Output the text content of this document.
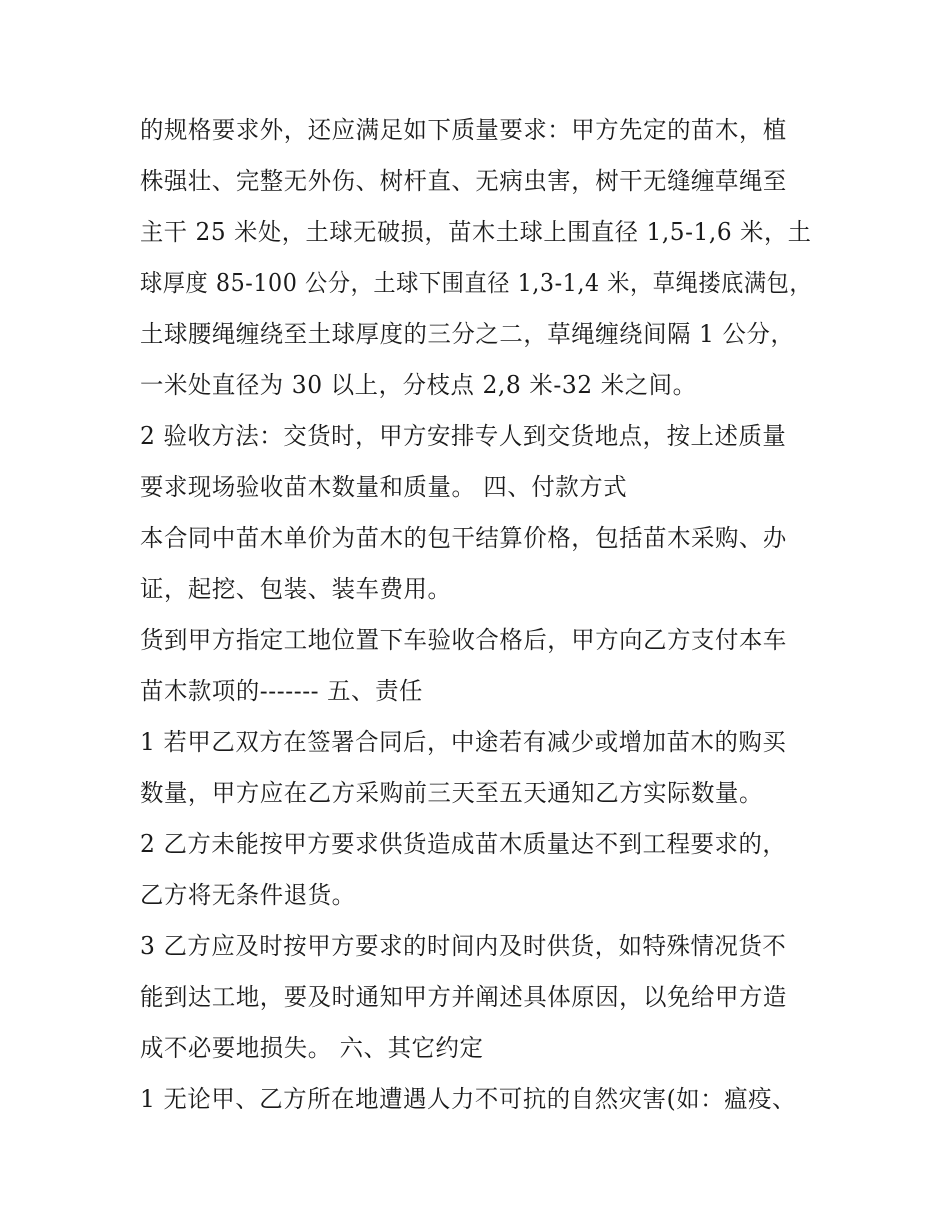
的规格要求外，还应满足如下质量要求：甲方先定的苗木，植
株强壮、完整无外伤、树杆直、无病虫害，树干无缝缠草绳至
主干 25 米处，土球无破损，苗木土球上围直径 1,5-1,6 米，土
球厚度 85-100 公分，土球下围直径 1,3-1,4 米，草绳搂底满包，
土球腰绳缠绕至土球厚度的三分之二，草绳缠绕间隔 1 公分，
一米处直径为 30 以上，分枝点 2,8 米-32 米之间。
2 验收方法：交货时，甲方安排专人到交货地点，按上述质量
要求现场验收苗木数量和质量。 四、付款方式
本合同中苗木单价为苗木的包干结算价格，包括苗木采购、办
证，起挖、包装、装车费用。
货到甲方指定工地位置下车验收合格后，甲方向乙方支付本车
苗木款项的------- 五、责任
1 若甲乙双方在签署合同后，中途若有减少或增加苗木的购买
数量，甲方应在乙方采购前三天至五天通知乙方实际数量。
2 乙方未能按甲方要求供货造成苗木质量达不到工程要求的，
乙方将无条件退货。
3 乙方应及时按甲方要求的时间内及时供货，如特殊情况货不
能到达工地，要及时通知甲方并阐述具体原因，以免给甲方造
成不必要地损失。 六、其它约定
1 无论甲、乙方所在地遭遇人力不可抗的自然灾害(如：瘟疫、
